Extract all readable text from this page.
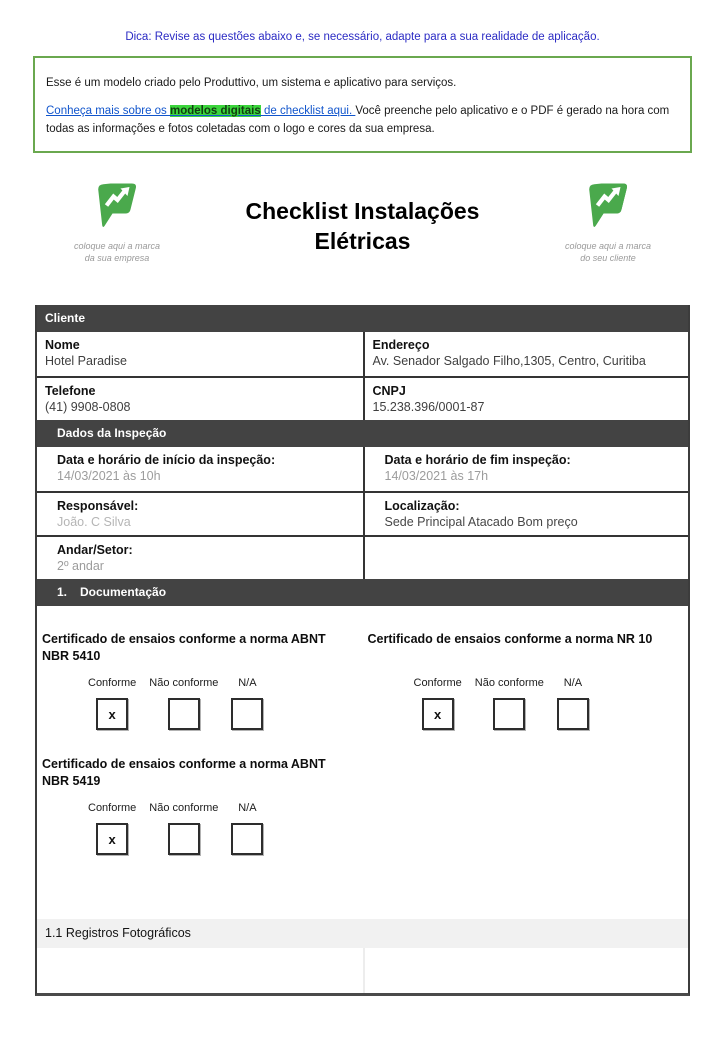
Dica: Revise as questões abaixo e, se necessário, adapte para a sua realidade de aplicação.

Esse é um modelo criado pelo Produttivo, um sistema e aplicativo para serviços.

Conheça mais sobre os modelos digitais de checklist aqui. Você preenche pelo aplicativo e o PDF é gerado na hora com todas as informações e fotos coletadas com o logo e cores da sua empresa.

coloque aqui a marca
da sua empresa
Checklist Instalações
Elétricas	coloque aqui a marca
do seu cliente
Cliente
Nome
Hotel Paradise
Endereço
Av. Senador Salgado Filho,1305, Centro, Curitiba
Telefone
(41) 9908-0808
CNPJ
15.238.396/0001-87
Dados da Inspeção
Data e horário de início da inspeção:
14/03/2021 às 10h
Data e horário de fim inspeção:
14/03/2021 às 17h
Responsável:
João. C Silva
Localização:
Sede Principal Atacado Bom preço
Andar/Setor:
2º andar
1. Documentação
Certificado de ensaios conforme a norma ABNT NBR 5410
Conforme
x
Não conforme N/A
Certificado de ensaios conforme a norma NR 10
Conforme
x
Não conforme N/A
Certificado de ensaios conforme a norma ABNT NBR 5419
Conforme
x
Não conforme N/A
1.1 Registros Fotográficos
